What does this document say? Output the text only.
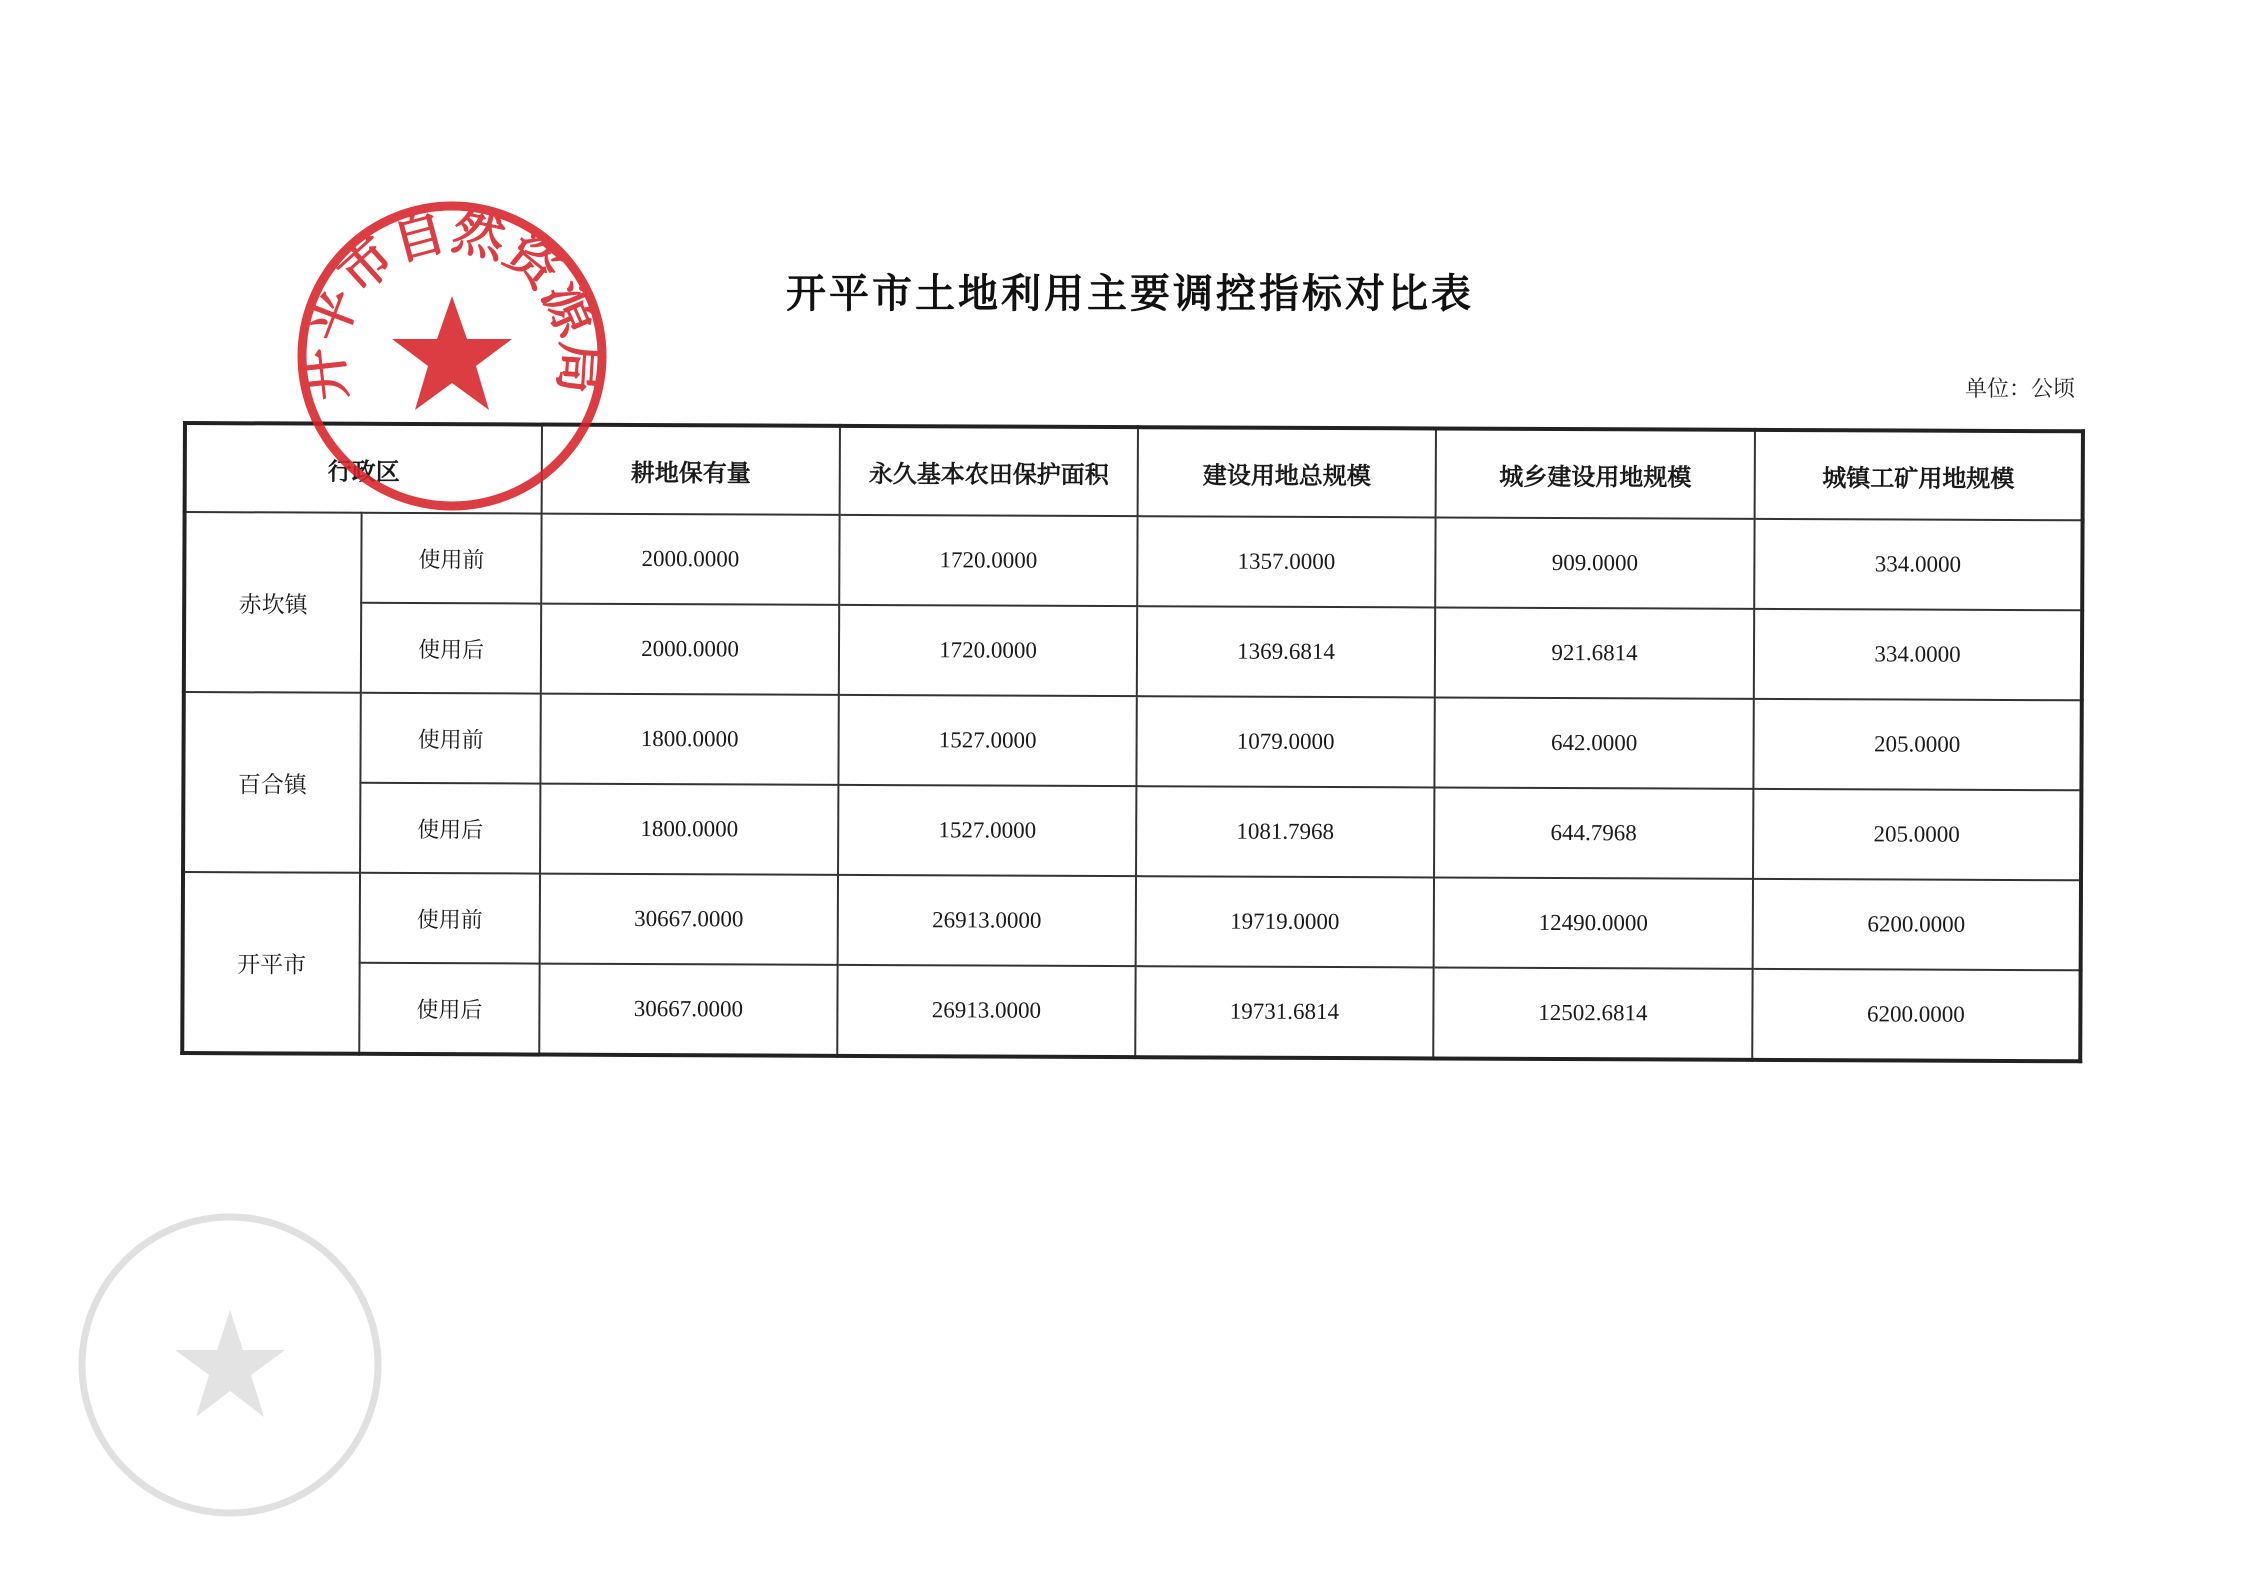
开平市土地利用主要调控指标对比表
单位：公顷
行政区		耕地保有量	永久基本农田保护面积	建设用地总规模	城乡建设用地规模	城镇工矿用地规模
赤坎镇	使用前	2000.0000	1720.0000	1357.0000	909.0000	334.0000
	使用后	2000.0000	1720.0000	1369.6814	921.6814	334.0000
百合镇	使用前	1800.0000	1527.0000	1079.0000	642.0000	205.0000
	使用后	1800.0000	1527.0000	1081.7968	644.7968	205.0000
开平市	使用前	30667.0000	26913.0000	19719.0000	12490.0000	6200.0000
	使用后	30667.0000	26913.0000	19731.6814	12502.6814	6200.0000
开平市自然资源局
